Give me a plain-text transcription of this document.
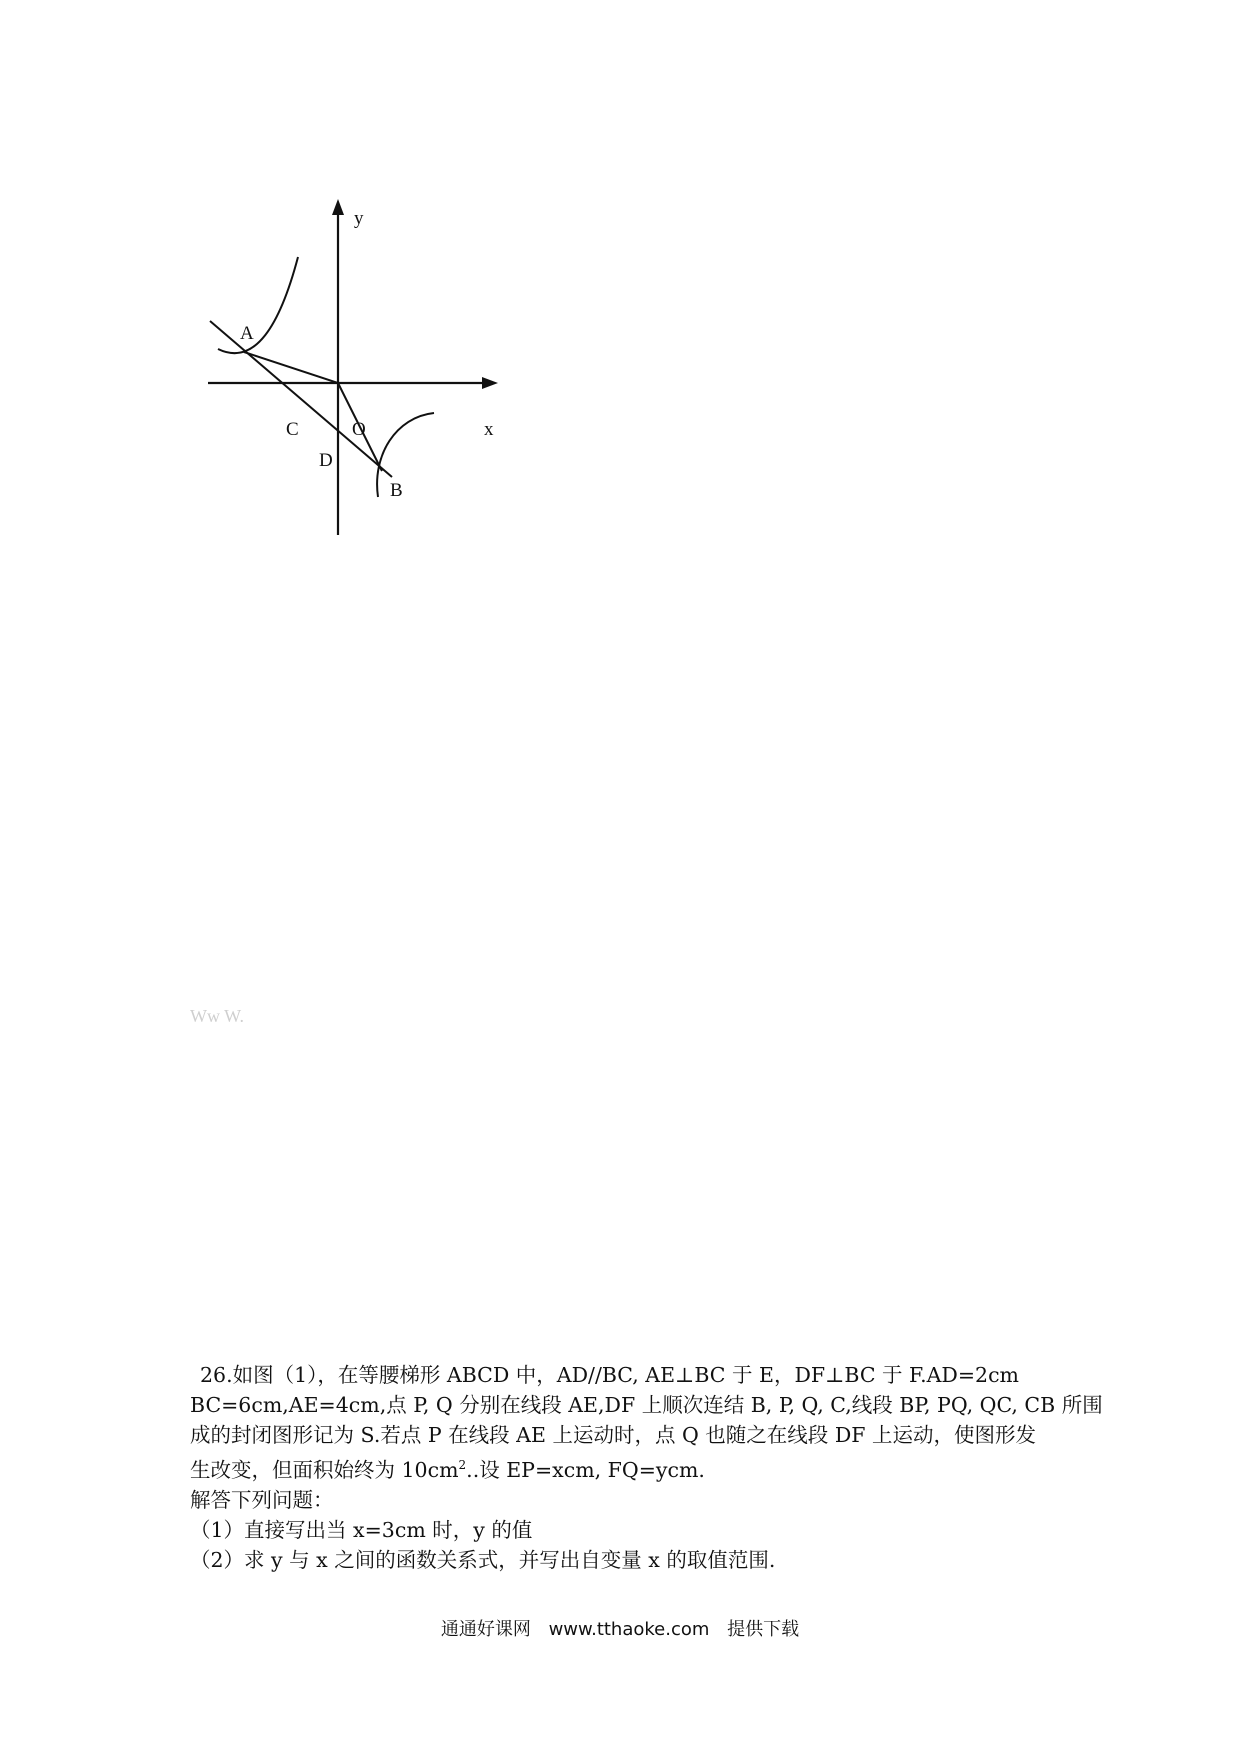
y
x
A
C	O
D
B
Ww W.

26.如图（1），在等腰梯形 ABCD 中，AD//BC, AE⊥BC 于 E，DF⊥BC 于 F.AD=2cm

BC=6cm,AE=4cm,点 P, Q 分别在线段 AE,DF 上顺次连结 B, P, Q, C,线段 BP, PQ, QC, CB 所围

成的封闭图形记为 S.若点 P 在线段 AE 上运动时，点 Q 也随之在线段 DF 上运动，使图形发

生改变，但面积始终为 $10cm^2$..设 EP=xcm, FQ=ycm.

解答下列问题：

（1）直接写出当 x=3cm 时，y 的值

（2）求 y 与 x 之间的函数关系式，并写出自变量 x 的取值范围.

通通好课网 www.tthaoke.com 提供下载
